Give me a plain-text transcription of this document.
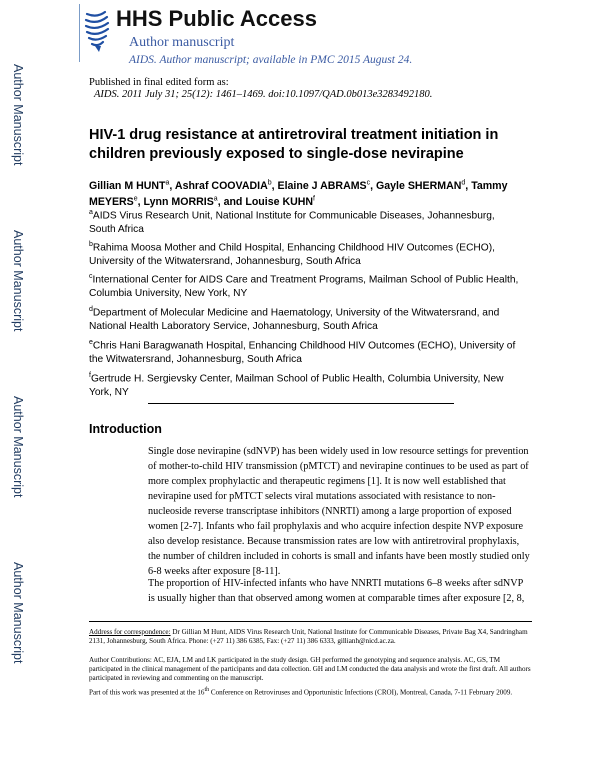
Author Manuscript
Author Manuscript
Author Manuscript
Author Manuscript
HHS Public Access
Author manuscript
AIDS. Author manuscript; available in PMC 2015 August 24.
Published in final edited form as:
AIDS. 2011 July 31; 25(12): 1461–1469. doi:10.1097/QAD.0b013e3283492180.
HIV-1 drug resistance at antiretroviral treatment initiation in children previously exposed to single-dose nevirapine
Gillian M HUNT$^a$, Ashraf COOVADIA$^b$, Elaine J ABRAMS$^c$, Gayle SHERMAN$^d$, Tammy MEYERS$^e$, Lynn MORRIS$^a$, and Louise KUHN$^f$
$^a$AIDS Virus Research Unit, National Institute for Communicable Diseases, Johannesburg, South Africa
$^b$Rahima Moosa Mother and Child Hospital, Enhancing Childhood HIV Outcomes (ECHO), University of the Witwatersrand, Johannesburg, South Africa
$^c$International Center for AIDS Care and Treatment Programs, Mailman School of Public Health, Columbia University, New York, NY
$^d$Department of Molecular Medicine and Haematology, University of the Witwatersrand, and National Health Laboratory Service, Johannesburg, South Africa
$^e$Chris Hani Baragwanath Hospital, Enhancing Childhood HIV Outcomes (ECHO), University of the Witwatersrand, Johannesburg, South Africa
$^f$Gertrude H. Sergievsky Center, Mailman School of Public Health, Columbia University, New York, NY
Introduction
Single dose nevirapine (sdNVP) has been widely used in low resource settings for prevention of mother-to-child HIV transmission (pMTCT) and nevirapine continues to be used as part of more complex prophylactic and therapeutic regimens [1]. It is now well established that nevirapine used for pMTCT selects viral mutations associated with resistance to non-nucleoside reverse transcriptase inhibitors (NNRTI) among a large proportion of exposed women [2-7]. Infants who fail prophylaxis and who acquire infection despite NVP exposure also develop resistance. Because transmission rates are low with antiretroviral prophylaxis, the number of children included in cohorts is small and infants have been mostly studied only 6-8 weeks after exposure [8-11].
The proportion of HIV-infected infants who have NNRTI mutations 6–8 weeks after sdNVP is usually higher than that observed among women at comparable times after exposure [2, 8,
Address for correspondence: Dr Gillian M Hunt, AIDS Virus Research Unit, National Institute for Communicable Diseases, Private Bag X4, Sandringham 2131, Johannesburg, South Africa. Phone: (+27 11) 386 6385, Fax: (+27 11) 386 6333, gillianh@nicd.ac.za.
Author Contributions: AC, EJA, LM and LK participated in the study design. GH performed the genotyping and sequence analysis. AC, GS, TM participated in the clinical management of the participants and data collection. GH and LM conducted the data analysis and wrote the first draft. All authors participated in reviewing and commenting on the manuscript.
Part of this work was presented at the 16th Conference on Retroviruses and Opportunistic Infections (CROI), Montreal, Canada, 7-11 February 2009.
